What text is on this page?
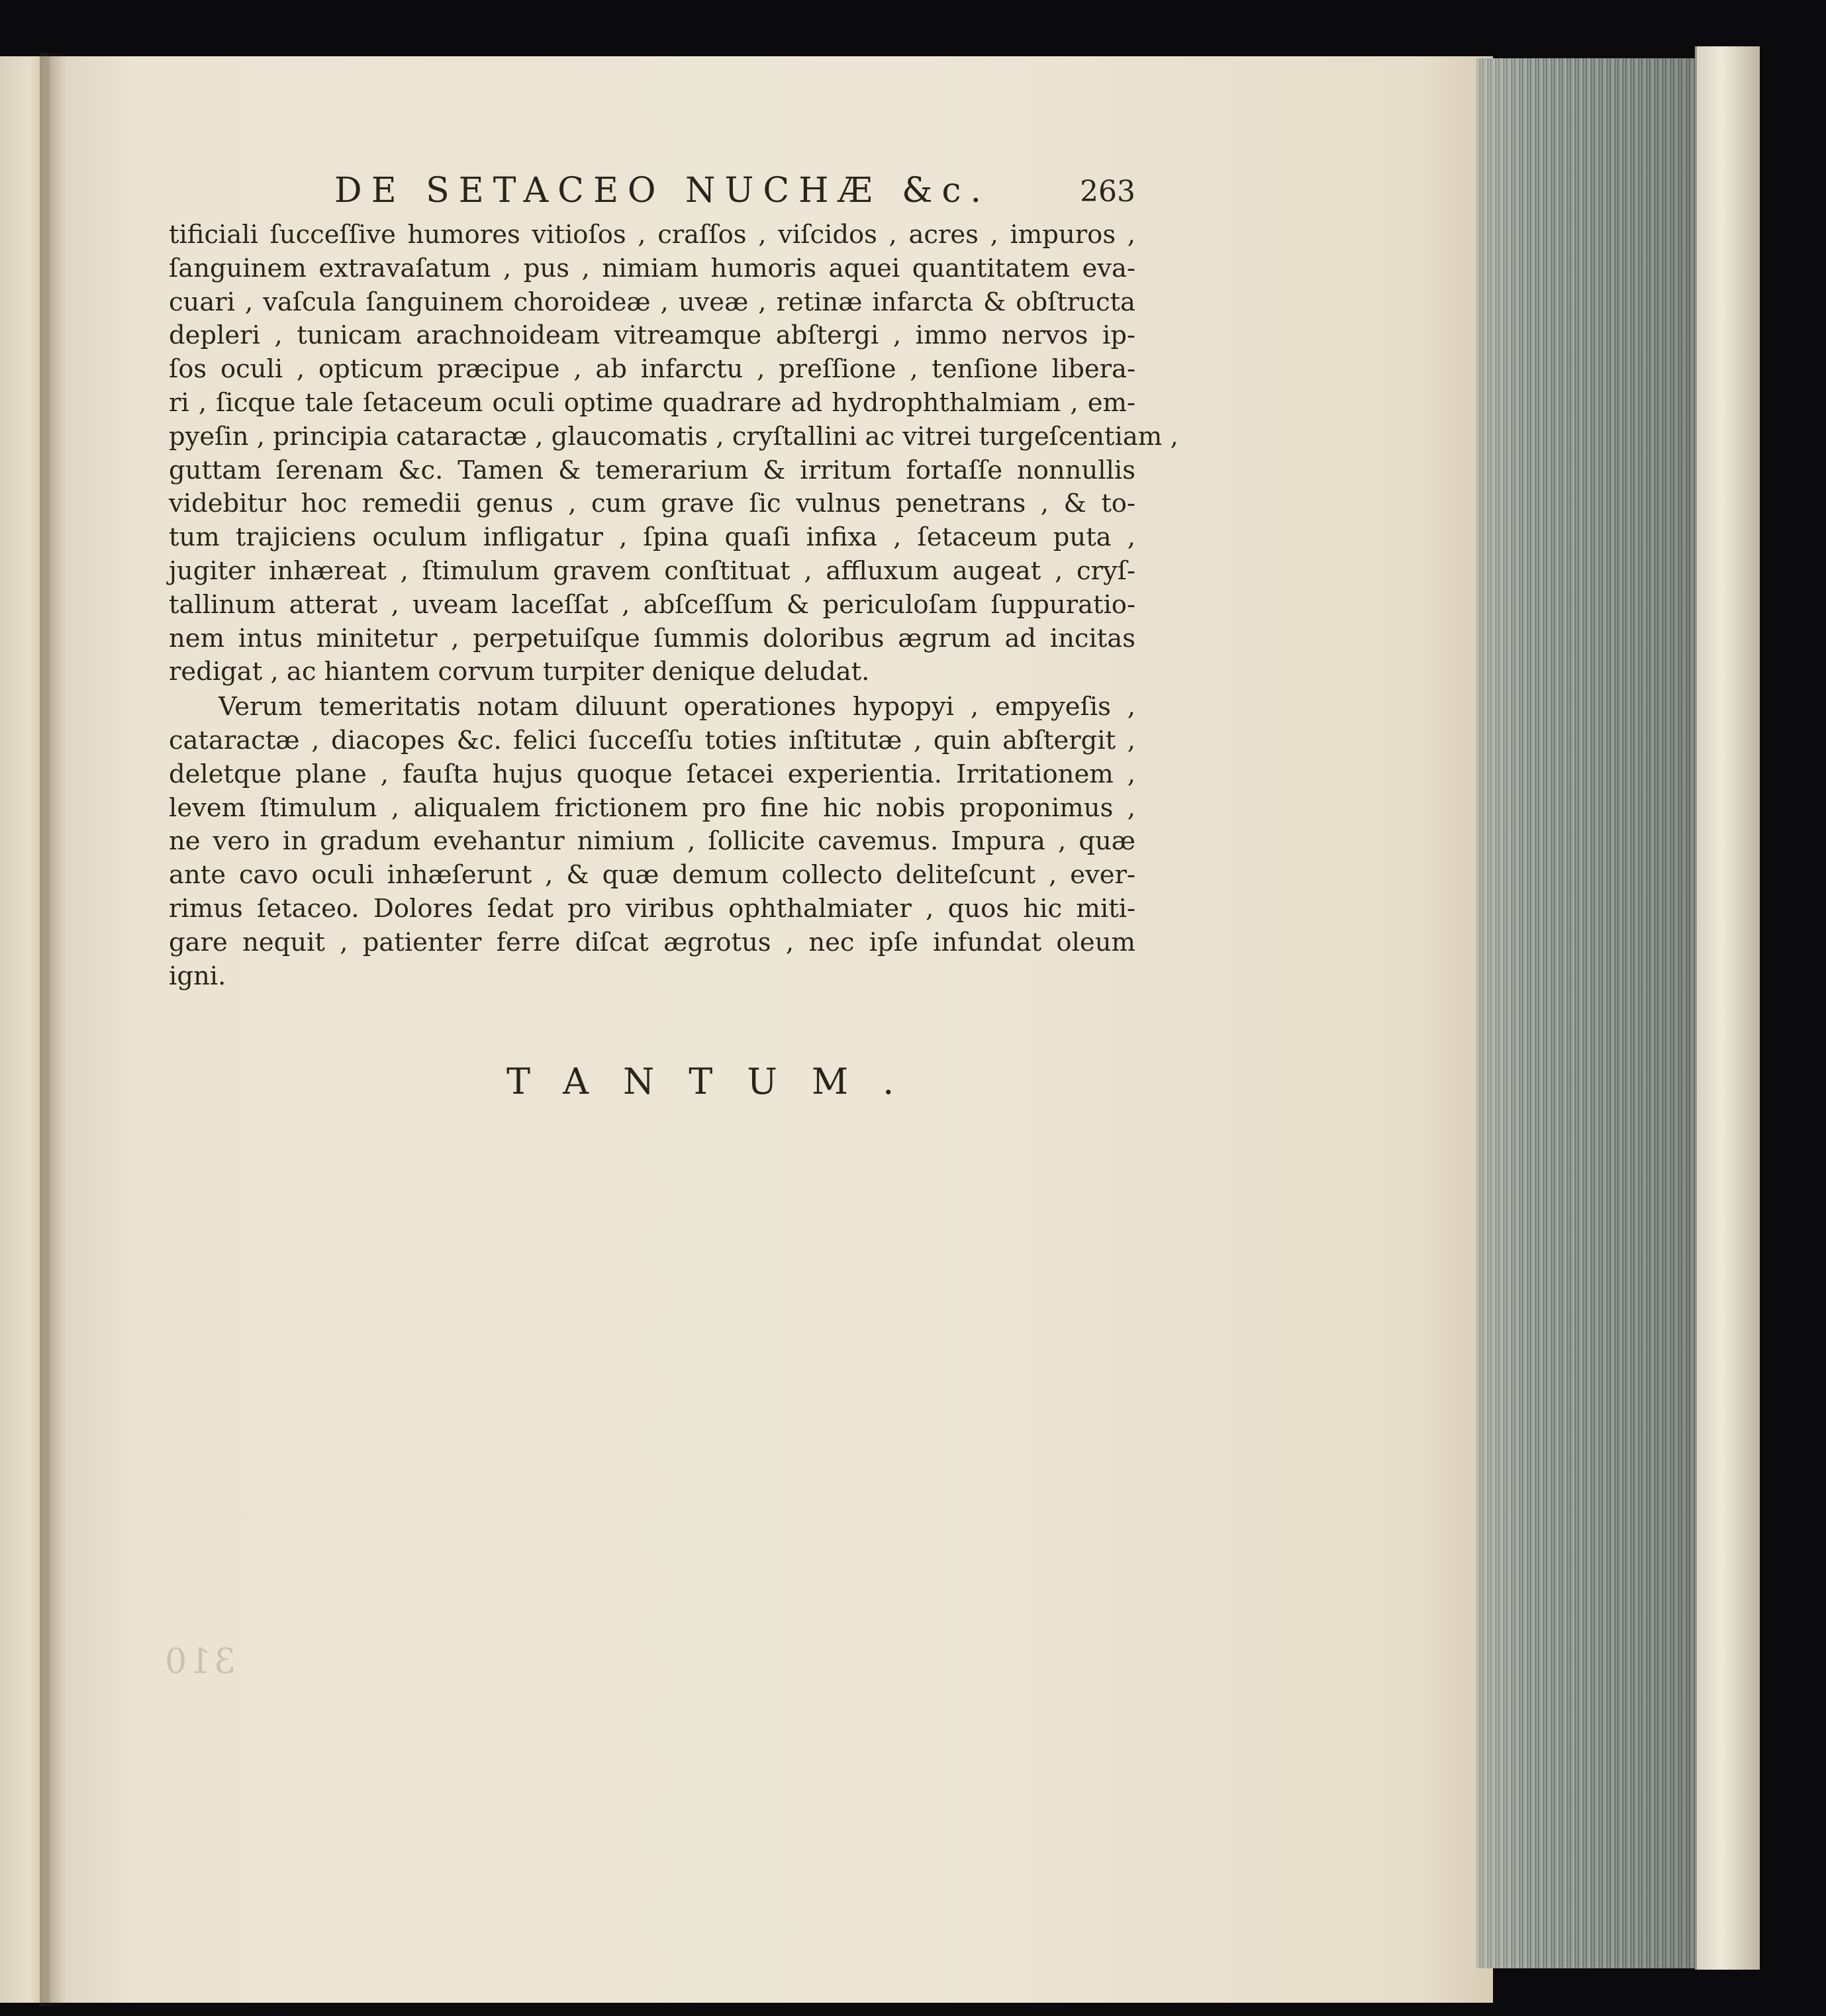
DE SETACEO NUCHÆ &c.	263
tificiali ſucceſſive humores vitioſos , craſſos , viſcidos , acres , impuros ,
ſanguinem extravaſatum , pus , nimiam humoris aquei quantitatem eva-
cuari , vaſcula ſanguinem choroideæ , uveæ , retinæ infarcta & obſtructa
depleri , tunicam arachnoideam vitreamque abſtergi , immo nervos ip-
ſos oculi , opticum præcipue , ab infarctu , preſſione , tenſione libera-
ri , ſicque tale ſetaceum oculi optime quadrare ad hydrophthalmiam , em-
pyeſin , principia cataractæ , glaucomatis , cryſtallini ac vitrei turgeſcentiam ,
guttam ſerenam &c. Tamen & temerarium & irritum fortaſſe nonnullis
videbitur hoc remedii genus , cum grave ſic vulnus penetrans , & to-
tum trajiciens oculum infligatur , ſpina quaſi infixa , ſetaceum puta ,
jugiter inhæreat , ſtimulum gravem conſtituat , affluxum augeat , cryſ-
tallinum atterat , uveam laceſſat , abſceſſum & periculoſam ſuppuratio-
nem intus minitetur , perpetuiſque ſummis doloribus ægrum ad incitas
redigat , ac hiantem corvum turpiter denique deludat.
Verum temeritatis notam diluunt operationes hypopyi , empyeſis ,
cataractæ , diacopes &c. felici ſucceſſu toties inſtitutæ , quin abſtergit ,
deletque plane , fauſta hujus quoque ſetacei experientia. Irritationem ,
levem ſtimulum , aliqualem frictionem pro fine hic nobis proponimus ,
ne vero in gradum evehantur nimium , ſollicite cavemus. Impura , quæ
ante cavo oculi inhæſerunt , & quæ demum collecto deliteſcunt , ever-
rimus ſetaceo. Dolores ſedat pro viribus ophthalmiater , quos hic miti-
gare nequit , patienter ferre diſcat ægrotus , nec ipſe infundat oleum
igni.
TANTUM.
310
